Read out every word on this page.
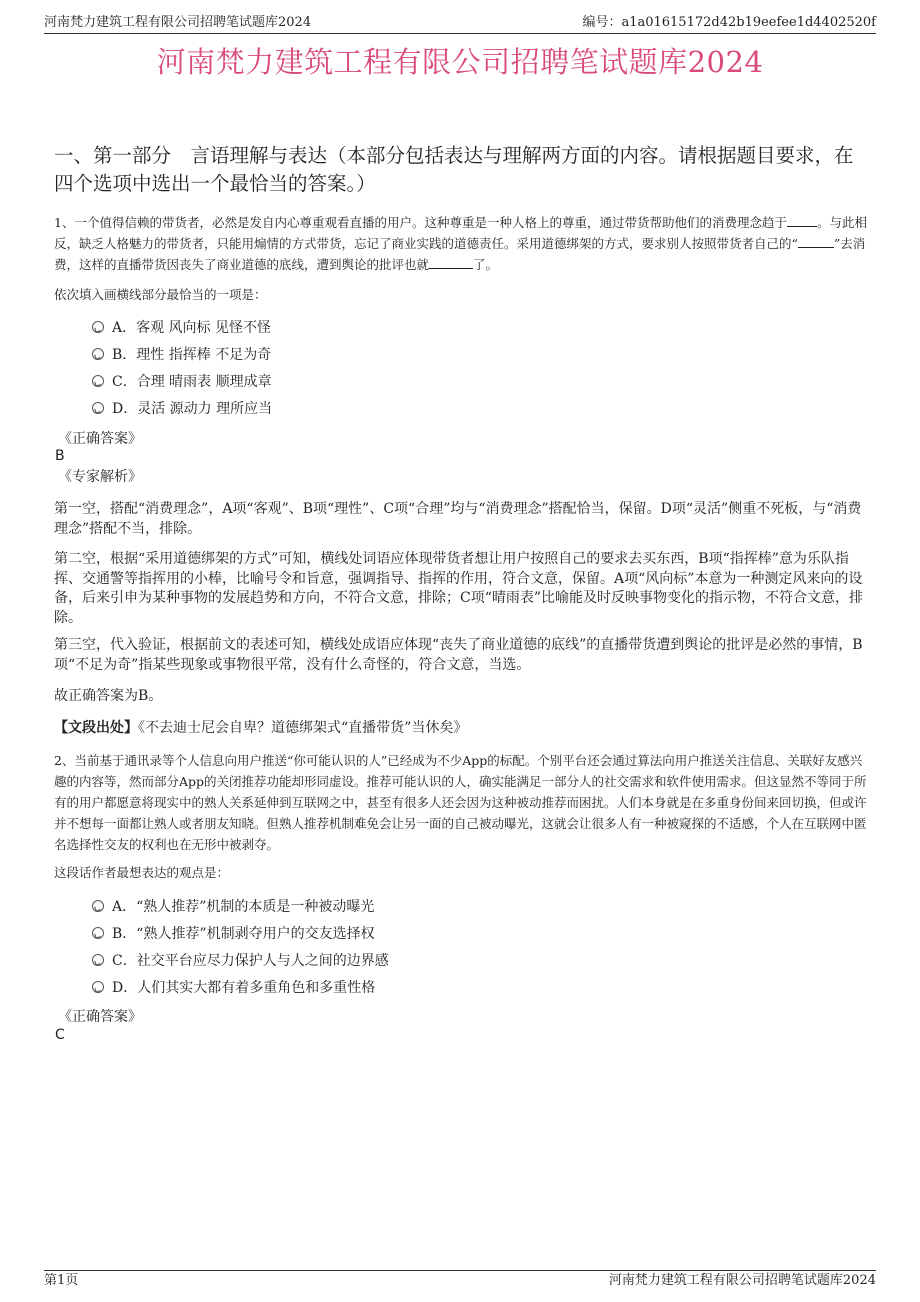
河南梵力建筑工程有限公司招聘笔试题库2024	编号：a1a01615172d42b19eefee1d4402520f
河南梵力建筑工程有限公司招聘笔试题库2024
一、第一部分　言语理解与表达（本部分包括表达与理解两方面的内容。请根据题目要求，在四个选项中选出一个最恰当的答案。）
1、一个值得信赖的带货者，必然是发自内心尊重观看直播的用户。这种尊重是一种人格上的尊重，通过带货帮助他们的消费理念趋于 。与此相反，缺乏人格魅力的带货者，只能用煽情的方式带货，忘记了商业实践的道德责任。采用道德绑架的方式，要求别人按照带货者自己的“	”去消费，这样的直播带货因丧失了商业道德的底线，遭到舆论的批评也就	了。
依次填入画横线部分最恰当的一项是：
A．客观 风向标 见怪不怪
B．理性 指挥棒 不足为奇
C．合理 晴雨表 顺理成章
D．灵活 源动力 理所应当
《正确答案》
B
《专家解析》
第一空，搭配“消费理念”，A项“客观”、B项“理性”、C项“合理”均与“消费理念”搭配恰当，保留。D项“灵活”侧重不死板，与“消费理念”搭配不当，排除。
第二空，根据“采用道德绑架的方式”可知，横线处词语应体现带货者想让用户按照自己的要求去买东西，B项“指挥棒”意为乐队指挥、交通警等指挥用的小棒，比喻号令和旨意，强调指导、指挥的作用，符合文意，保留。A项“风向标”本意为一种测定风来向的设备，后来引申为某种事物的发展趋势和方向，不符合文意，排除；C项“晴雨表”比喻能及时反映事物变化的指示物，不符合文意，排除。
第三空，代入验证，根据前文的表述可知，横线处成语应体现“丧失了商业道德的底线”的直播带货遭到舆论的批评是必然的事情，B项“不足为奇”指某些现象或事物很平常，没有什么奇怪的，符合文意，当选。
故正确答案为B。
【文段出处】《不去迪士尼会自卑？道德绑架式“直播带货”当休矣》
2、当前基于通讯录等个人信息向用户推送“你可能认识的人”已经成为不少App的标配。个别平台还会通过算法向用户推送关注信息、关联好友感兴趣的内容等，然而部分App的关闭推荐功能却形同虚设。推荐可能认识的人，确实能满足一部分人的社交需求和软件使用需求。但这显然不等同于所有的用户都愿意将现实中的熟人关系延伸到互联网之中，甚至有很多人还会因为这种被动推荐而困扰。人们本身就是在多重身份间来回切换，但或许并不想每一面都让熟人或者朋友知晓。但熟人推荐机制难免会让另一面的自己被动曝光，这就会让很多人有一种被窥探的不适感，个人在互联网中匿名选择性交友的权利也在无形中被剥夺。
这段话作者最想表达的观点是：
A．“熟人推荐”机制的本质是一种被动曝光
B．“熟人推荐”机制剥夺用户的交友选择权
C．社交平台应尽力保护人与人之间的边界感
D．人们其实大都有着多重角色和多重性格
《正确答案》
C
第1页	河南梵力建筑工程有限公司招聘笔试题库2024
